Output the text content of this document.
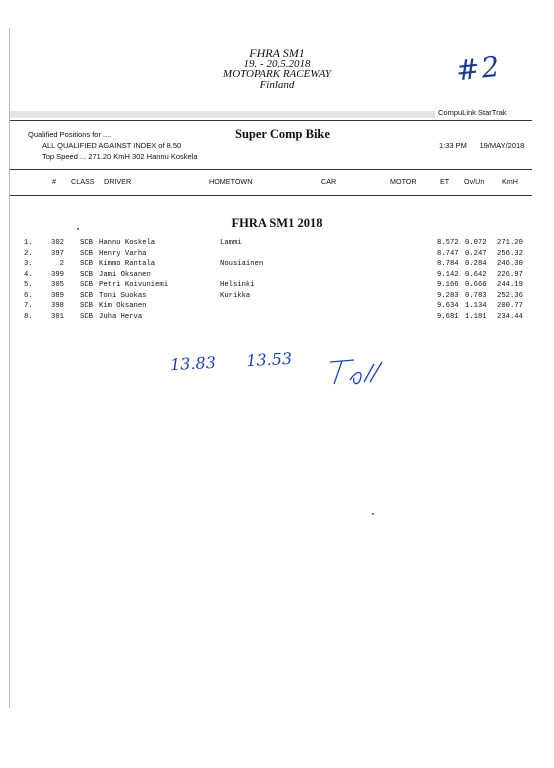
FHRA SM1
19. - 20.5.2018
MOTOPARK RACEWAY
Finland	#2
CompuLink StarTrak
Qualified Positions for ....
ALL QUALIFIED AGAINST INDEX of 8.50
Top Speed ... 271.20 KmH 302 Hannu Koskela
Super Comp Bike
1:33 PM 19/MAY/2018
# CLASS DRIVER	HOMETOWN	CAR	MOTOR	ET Ov/Un KmH
FHRA SM1 2018
1.	302 SCB Hannu Koskela	Lammi	8.572 0.072 271.20
2.	397 SCB Henry Varha	8.747 0.247 256.32
3.	2 SCB Kimmo Rantala	Nousiainen	8.784 0.284 246.30
4.	399 SCB Jami Oksanen	9.142 0.642 226.97
5.	305 SCB Petri Koivuniemi	Helsinki	9.166 0.666 244.19
6.	389 SCB Toni Suokas	Kurikka	9.283 0.783 252.36
7.	398 SCB Kim Oksanen	9.634 1.134 200.77
8.	301 SCB Juha Herva	9.681 1.181 234.44
13.83 13.53
